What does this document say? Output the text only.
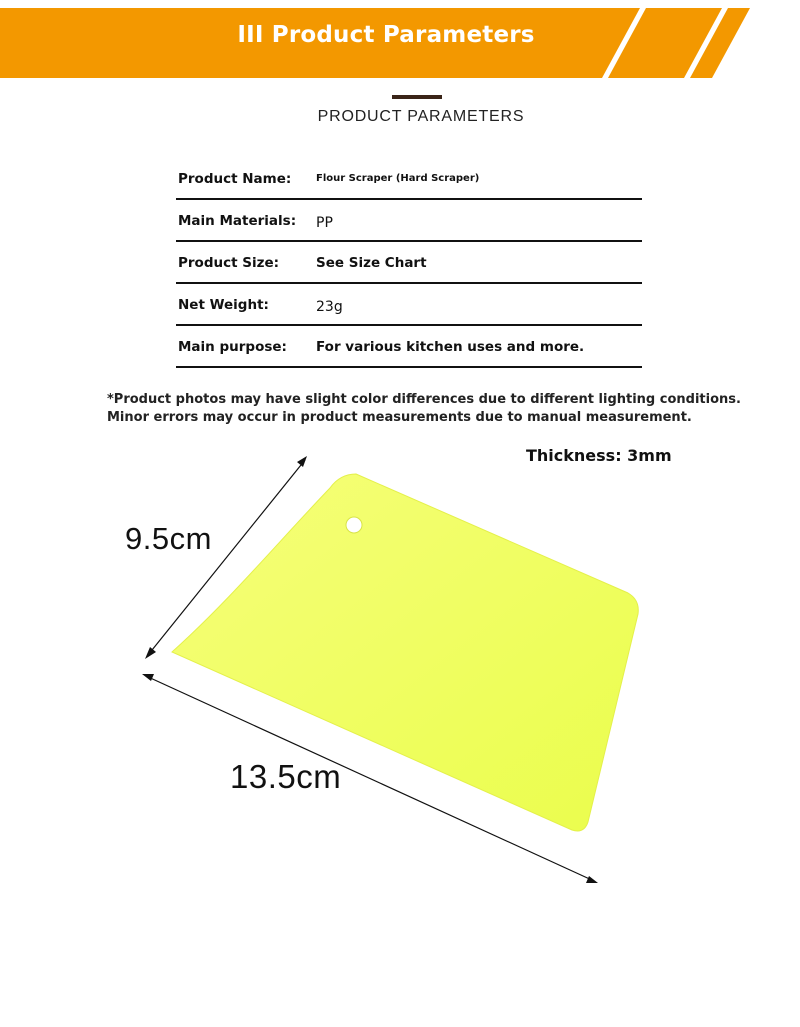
III Product Parameters
PRODUCT PARAMETERS
Product Name: Flour Scraper (Hard Scraper)
Main Materials: PP
Product Size:	See Size Chart
Net Weight:	23g
Main purpose: For various kitchen uses and more.
*Product photos may have slight color differences due to different lighting conditions.
Minor errors may occur in product measurements due to manual measurement.
Thickness: 3mm
9.5cm
13.5cm
